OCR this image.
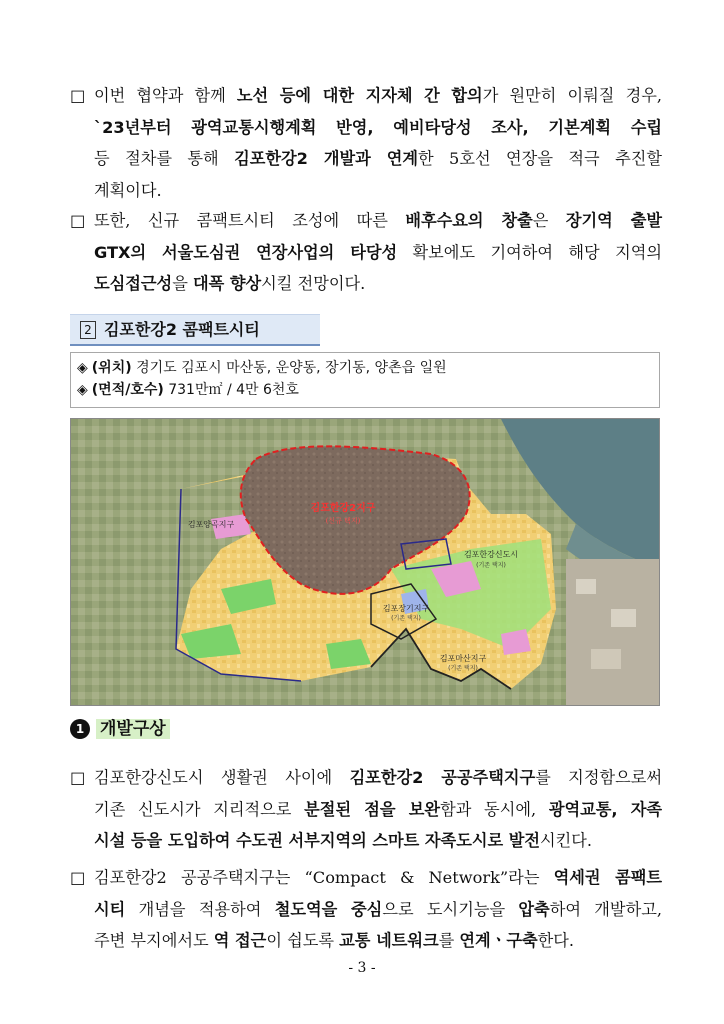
□ 이번 협약과 함께 노선 등에 대한 지자체 간 합의가 원만히 이뤄질 경우,
`23년부터 광역교통시행계획 반영, 예비타당성 조사, 기본계획 수립
등 절차를 통해 김포한강2 개발과 연계한 5호선 연장을 적극 추진할
계획이다.
□ 또한, 신규 콤팩트시티 조성에 따른 배후수요의 창출은 장기역 출발
GTX의 서울도심권 연장사업의 타당성 확보에도 기여하여 해당 지역의
도심접근성을 대폭 향상시킬 전망이다.
2 김포한강2 콤팩트시티
◈ (위치) 경기도 김포시 마산동, 운양동, 장기동, 양촌읍 일원
◈ (면적/호수) 731만㎡ / 4만 6천호
김포한강2지구
(신규 택지)
김포양곡지구
김포한강신도시
(기존 택지)
김포장기지구
(기존 택지)
김포마산지구
(기존 택지)
1 개발구상
□ 김포한강신도시 생활권 사이에 김포한강2 공공주택지구를 지정함으로써
기존 신도시가 지리적으로 분절된 점을 보완함과 동시에, 광역교통, 자족
시설 등을 도입하여 수도권 서부지역의 스마트 자족도시로 발전시킨다.
□ 김포한강2 공공주택지구는 “Compact & Network”라는 역세권 콤팩트
시티 개념을 적용하여 철도역을 중심으로 도시기능을 압축하여 개발하고,
주변 부지에서도 역 접근이 쉽도록 교통 네트워크를 연계ㆍ구축한다.
- 3 -
